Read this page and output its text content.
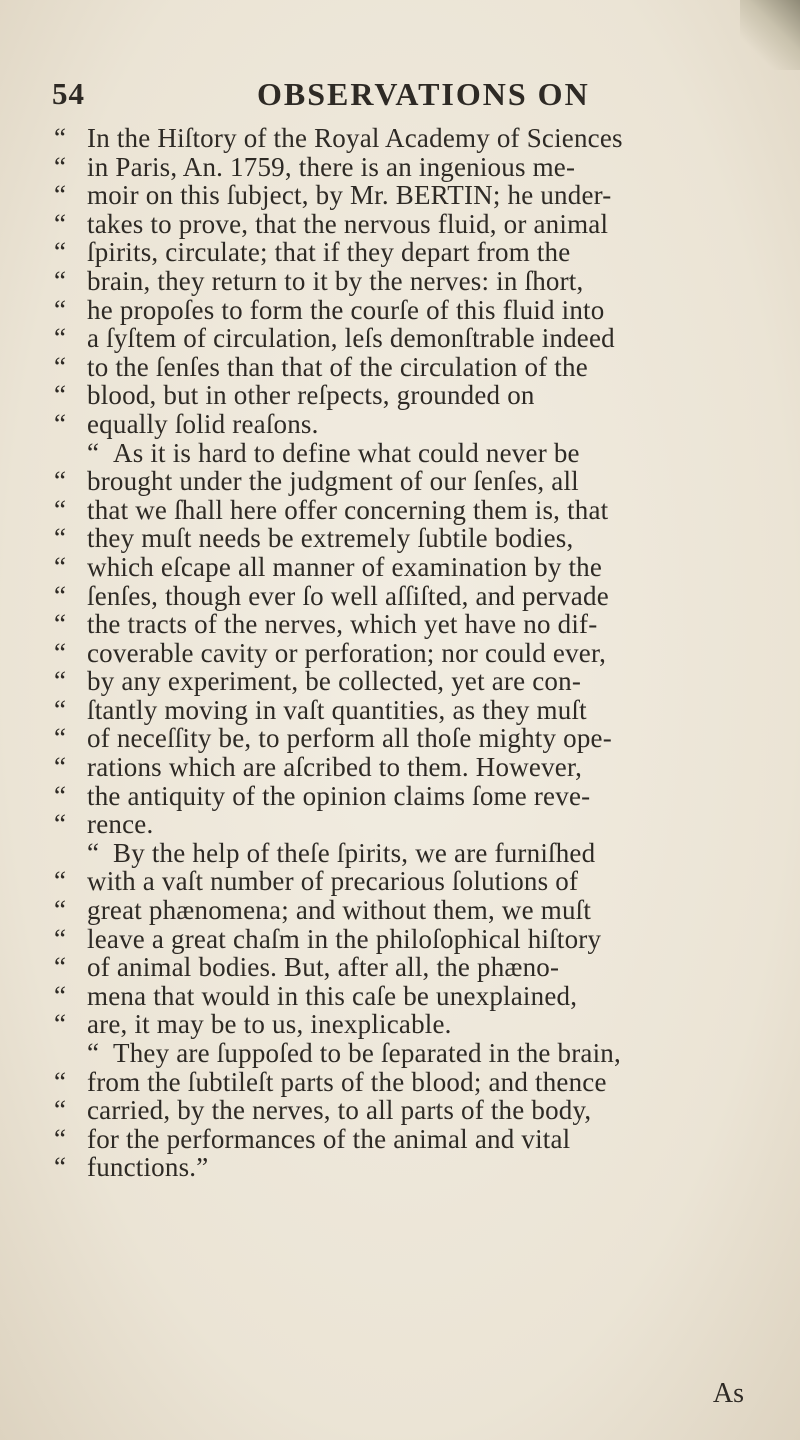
54	OBSERVATIONS ON
“ In the Hiſtory of the Royal Academy of Sciences
“ in Paris, An. 1759, there is an ingenious me-
“ moir on this ſubject, by Mr. BERTIN; he under-
“ takes to prove, that the nervous fluid, or animal
“ ſpirits, circulate; that if they depart from the
“ brain, they return to it by the nerves: in ſhort,
“ he propoſes to form the courſe of this fluid into
“ a ſyſtem of circulation, leſs demonſtrable indeed
“ to the ſenſes than that of the circulation of the
“ blood, but in other reſpects, grounded on
“ equally ſolid reaſons.
“ As it is hard to define what could never be
“ brought under the judgment of our ſenſes, all
“ that we ſhall here offer concerning them is, that
“ they muſt needs be extremely ſubtile bodies,
“ which eſcape all manner of examination by the
“ ſenſes, though ever ſo well aſſiſted, and pervade
“ the tracts of the nerves, which yet have no dif-
“ coverable cavity or perforation; nor could ever,
“ by any experiment, be collected, yet are con-
“ ſtantly moving in vaſt quantities, as they muſt
“ of neceſſity be, to perform all thoſe mighty ope-
“ rations which are aſcribed to them. However,
“ the antiquity of the opinion claims ſome reve-
“ rence.
“ By the help of theſe ſpirits, we are furniſhed
“ with a vaſt number of precarious ſolutions of
“ great phænomena; and without them, we muſt
“ leave a great chaſm in the philoſophical hiſtory
“ of animal bodies. But, after all, the phæno-
“ mena that would in this caſe be unexplained,
“ are, it may be to us, inexplicable.
“ They are ſuppoſed to be ſeparated in the brain,
“ from the ſubtileſt parts of the blood; and thence
“ carried, by the nerves, to all parts of the body,
“ for the performances of the animal and vital
“ functions.”
As
